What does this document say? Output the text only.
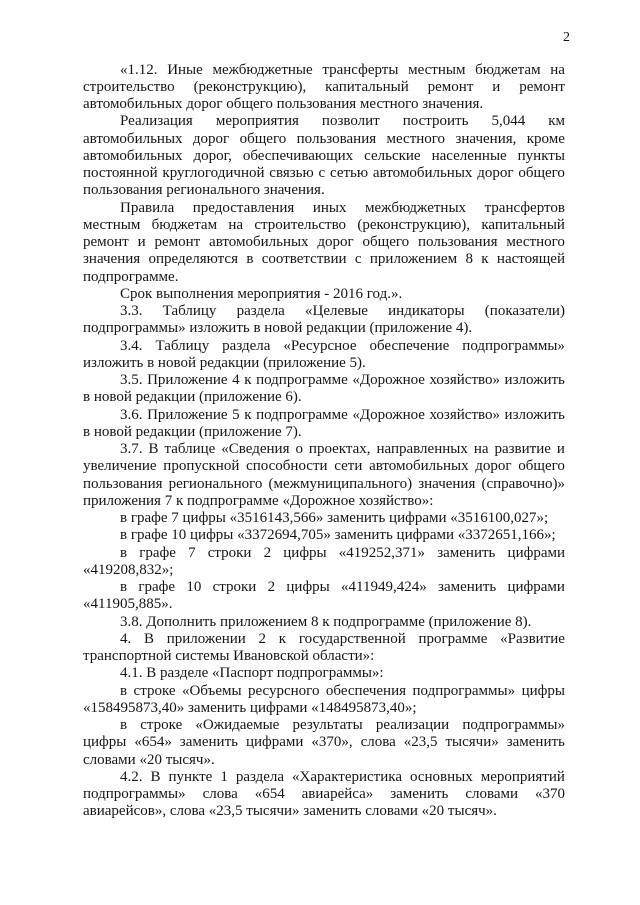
2
«1.12. Иные межбюджетные трансферты местным бюджетам на
строительство (реконструкцию), капитальный ремонт и ремонт
автомобильных дорог общего пользования местного значения.
Реализация мероприятия позволит построить 5,044 км
автомобильных дорог общего пользования местного значения, кроме
автомобильных дорог, обеспечивающих сельские населенные пункты
постоянной круглогодичной связью с сетью автомобильных дорог общего
пользования регионального значения.
Правила предоставления иных межбюджетных трансфертов
местным бюджетам на строительство (реконструкцию), капитальный
ремонт и ремонт автомобильных дорог общего пользования местного
значения определяются в соответствии с приложением 8 к настоящей
подпрограмме.
Срок выполнения мероприятия - 2016 год.».
3.3. Таблицу раздела «Целевые индикаторы (показатели)
подпрограммы» изложить в новой редакции (приложение 4).
3.4. Таблицу раздела «Ресурсное обеспечение подпрограммы»
изложить в новой редакции (приложение 5).
3.5. Приложение 4 к подпрограмме «Дорожное хозяйство» изложить
в новой редакции (приложение 6).
3.6. Приложение 5 к подпрограмме «Дорожное хозяйство» изложить
в новой редакции (приложение 7).
3.7. В таблице «Сведения о проектах, направленных на развитие и
увеличение пропускной способности сети автомобильных дорог общего
пользования регионального (межмуниципального) значения (справочно)»
приложения 7 к подпрограмме «Дорожное хозяйство»:
в графе 7 цифры «3516143,566» заменить цифрами «3516100,027»;
в графе 10 цифры «3372694,705» заменить цифрами «3372651,166»;
в графе 7 строки 2 цифры «419252,371» заменить цифрами
«419208,832»;
в графе 10 строки 2 цифры «411949,424» заменить цифрами
«411905,885».
3.8. Дополнить приложением 8 к подпрограмме (приложение 8).
4. В приложении 2 к государственной программе «Развитие
транспортной системы Ивановской области»:
4.1. В разделе «Паспорт подпрограммы»:
в строке «Объемы ресурсного обеспечения подпрограммы» цифры
«158495873,40» заменить цифрами «148495873,40»;
в строке «Ожидаемые результаты реализации подпрограммы»
цифры «654» заменить цифрами «370», слова «23,5 тысячи» заменить
словами «20 тысяч».
4.2. В пункте 1 раздела «Характеристика основных мероприятий
подпрограммы» слова «654 авиарейса» заменить словами «370
авиарейсов», слова «23,5 тысячи» заменить словами «20 тысяч».
